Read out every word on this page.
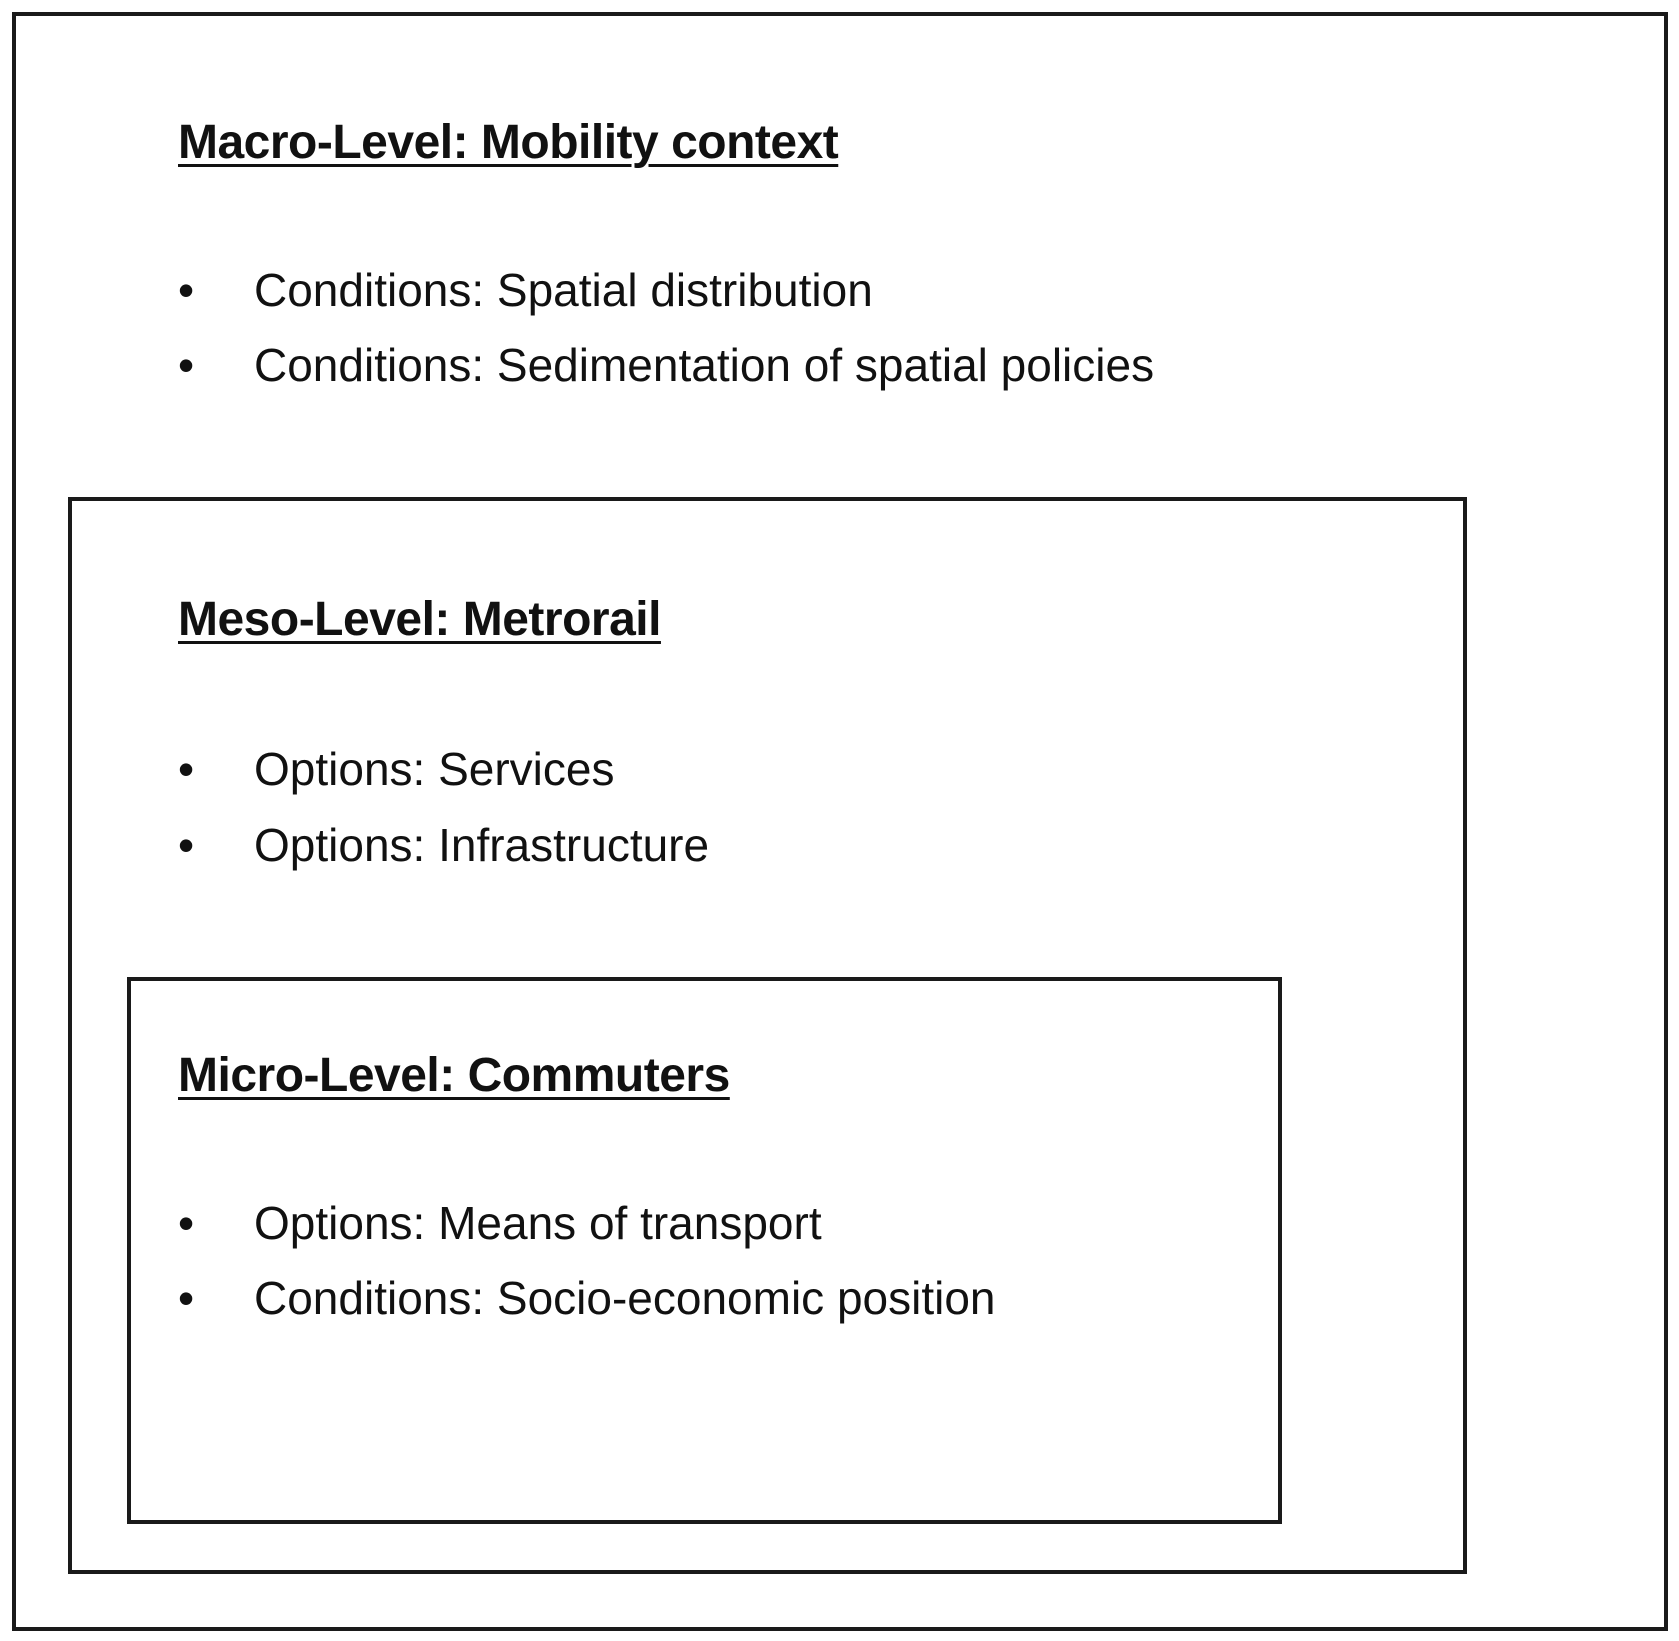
Macro-Level: Mobility context
• Conditions: Spatial distribution
• Conditions: Sedimentation of spatial policies
Meso-Level: Metrorail
• Options: Services
• Options: Infrastructure
Micro-Level: Commuters
• Options: Means of transport
• Conditions: Socio-economic position
